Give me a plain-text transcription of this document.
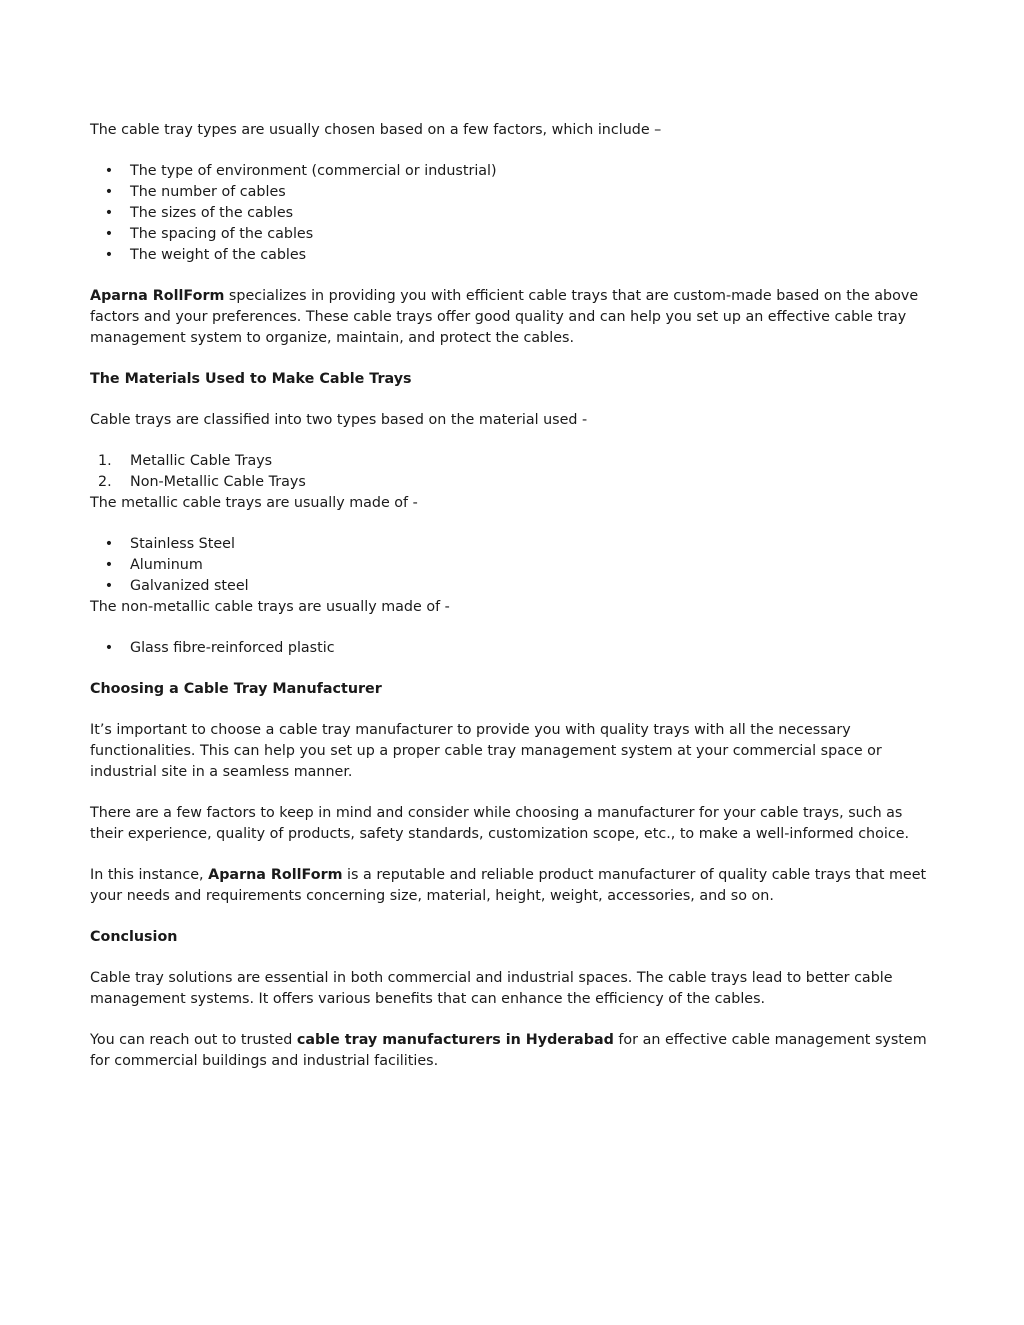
The cable tray types are usually chosen based on a few factors, which include –

• The type of environment (commercial or industrial)
• The number of cables
• The sizes of the cables
• The spacing of the cables
• The weight of the cables

Aparna RollForm specializes in providing you with efficient cable trays that are custom-made based on the above factors and your preferences. These cable trays offer good quality and can help you set up an effective cable tray management system to organize, maintain, and protect the cables.

The Materials Used to Make Cable Trays

Cable trays are classified into two types based on the material used -

1.	Metallic Cable Trays
2.	Non-Metallic Cable Trays

The metallic cable trays are usually made of -

• Stainless Steel
• Aluminum
• Galvanized steel

The non-metallic cable trays are usually made of -

• Glass fibre-reinforced plastic

Choosing a Cable Tray Manufacturer

It’s important to choose a cable tray manufacturer to provide you with quality trays with all the necessary functionalities. This can help you set up a proper cable tray management system at your commercial space or industrial site in a seamless manner.

There are a few factors to keep in mind and consider while choosing a manufacturer for your cable trays, such as their experience, quality of products, safety standards, customization scope, etc., to make a well-informed choice.

In this instance, Aparna RollForm is a reputable and reliable product manufacturer of quality cable trays that meet your needs and requirements concerning size, material, height, weight, accessories, and so on.

Conclusion

Cable tray solutions are essential in both commercial and industrial spaces. The cable trays lead to better cable management systems. It offers various benefits that can enhance the efficiency of the cables.

You can reach out to trusted cable tray manufacturers in Hyderabad for an effective cable management system for commercial buildings and industrial facilities.
